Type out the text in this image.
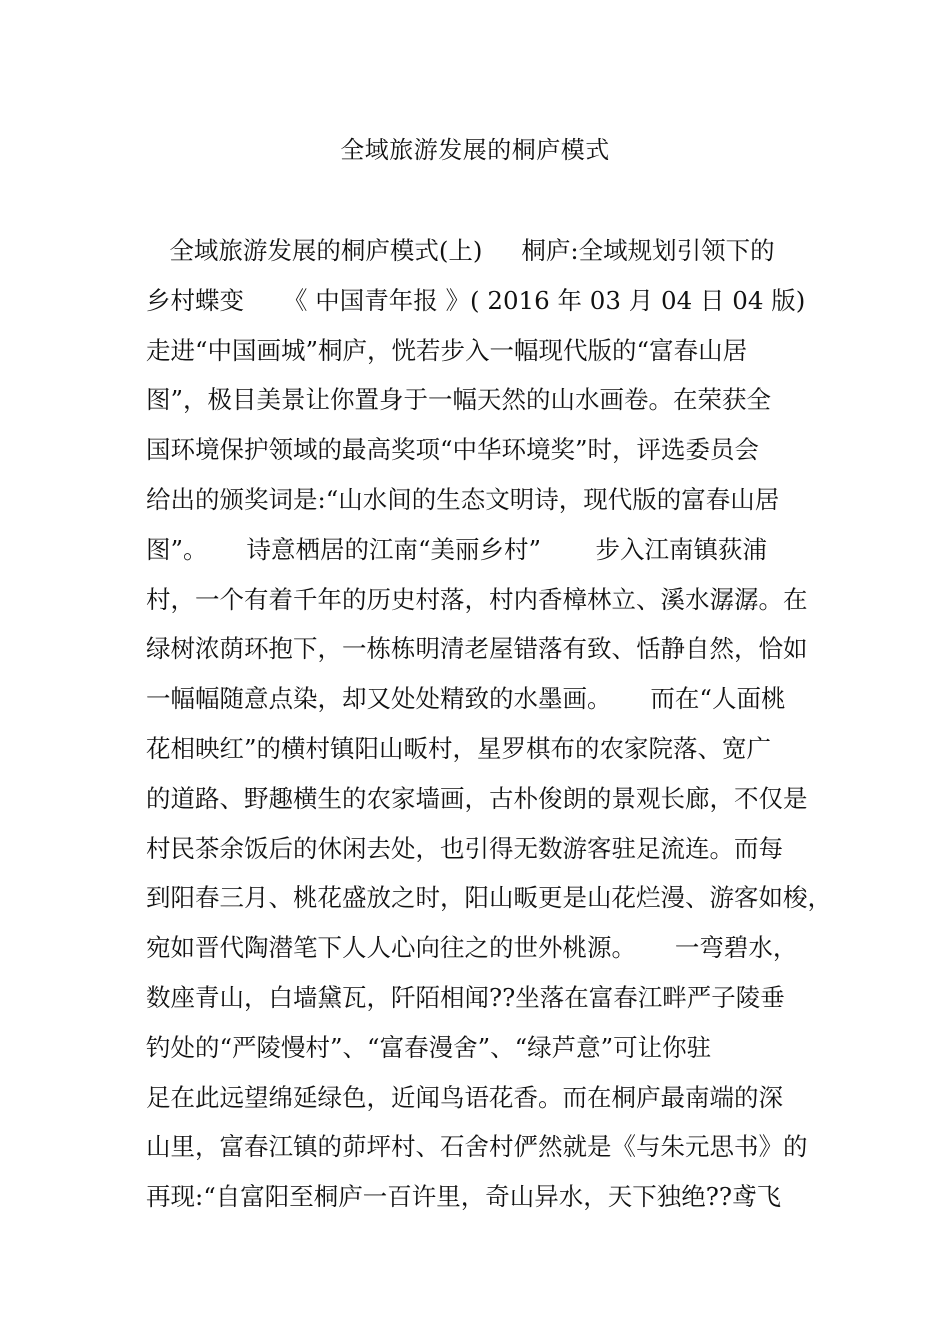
全域旅游发展的桐庐模式
全域旅游发展的桐庐模式(上)     桐庐:全域规划引领下的
乡村蝶变     《 中国青年报 》( 2016 年 03 月 04 日 04 版)
走进“中国画城”桐庐，恍若步入一幅现代版的“富春山居
图”，极目美景让你置身于一幅天然的山水画卷。在荣获全
国环境保护领域的最高奖项“中华环境奖”时，评选委员会
给出的颁奖词是:“山水间的生态文明诗，现代版的富春山居
图”。     诗意栖居的江南“美丽乡村”       步入江南镇荻浦
村，一个有着千年的历史村落，村内香樟林立、溪水潺潺。在
绿树浓荫环抱下，一栋栋明清老屋错落有致、恬静自然，恰如
一幅幅随意点染，却又处处精致的水墨画。     而在“人面桃
花相映红”的横村镇阳山畈村，星罗棋布的农家院落、宽广
的道路、野趣横生的农家墙画，古朴俊朗的景观长廊，不仅是
村民茶余饭后的休闲去处，也引得无数游客驻足流连。而每
到阳春三月、桃花盛放之时，阳山畈更是山花烂漫、游客如梭，
宛如晋代陶潜笔下人人心向往之的世外桃源。     一弯碧水，
数座青山，白墙黛瓦，阡陌相闻??坐落在富春江畔严子陵垂
钓处的“严陵慢村”、“富春漫舍”、“绿芦意”可让你驻
足在此远望绵延绿色，近闻鸟语花香。而在桐庐最南端的深
山里，富春江镇的茆坪村、石舍村俨然就是《与朱元思书》的
再现:“自富阳至桐庐一百许里，奇山异水，天下独绝??鸢飞
